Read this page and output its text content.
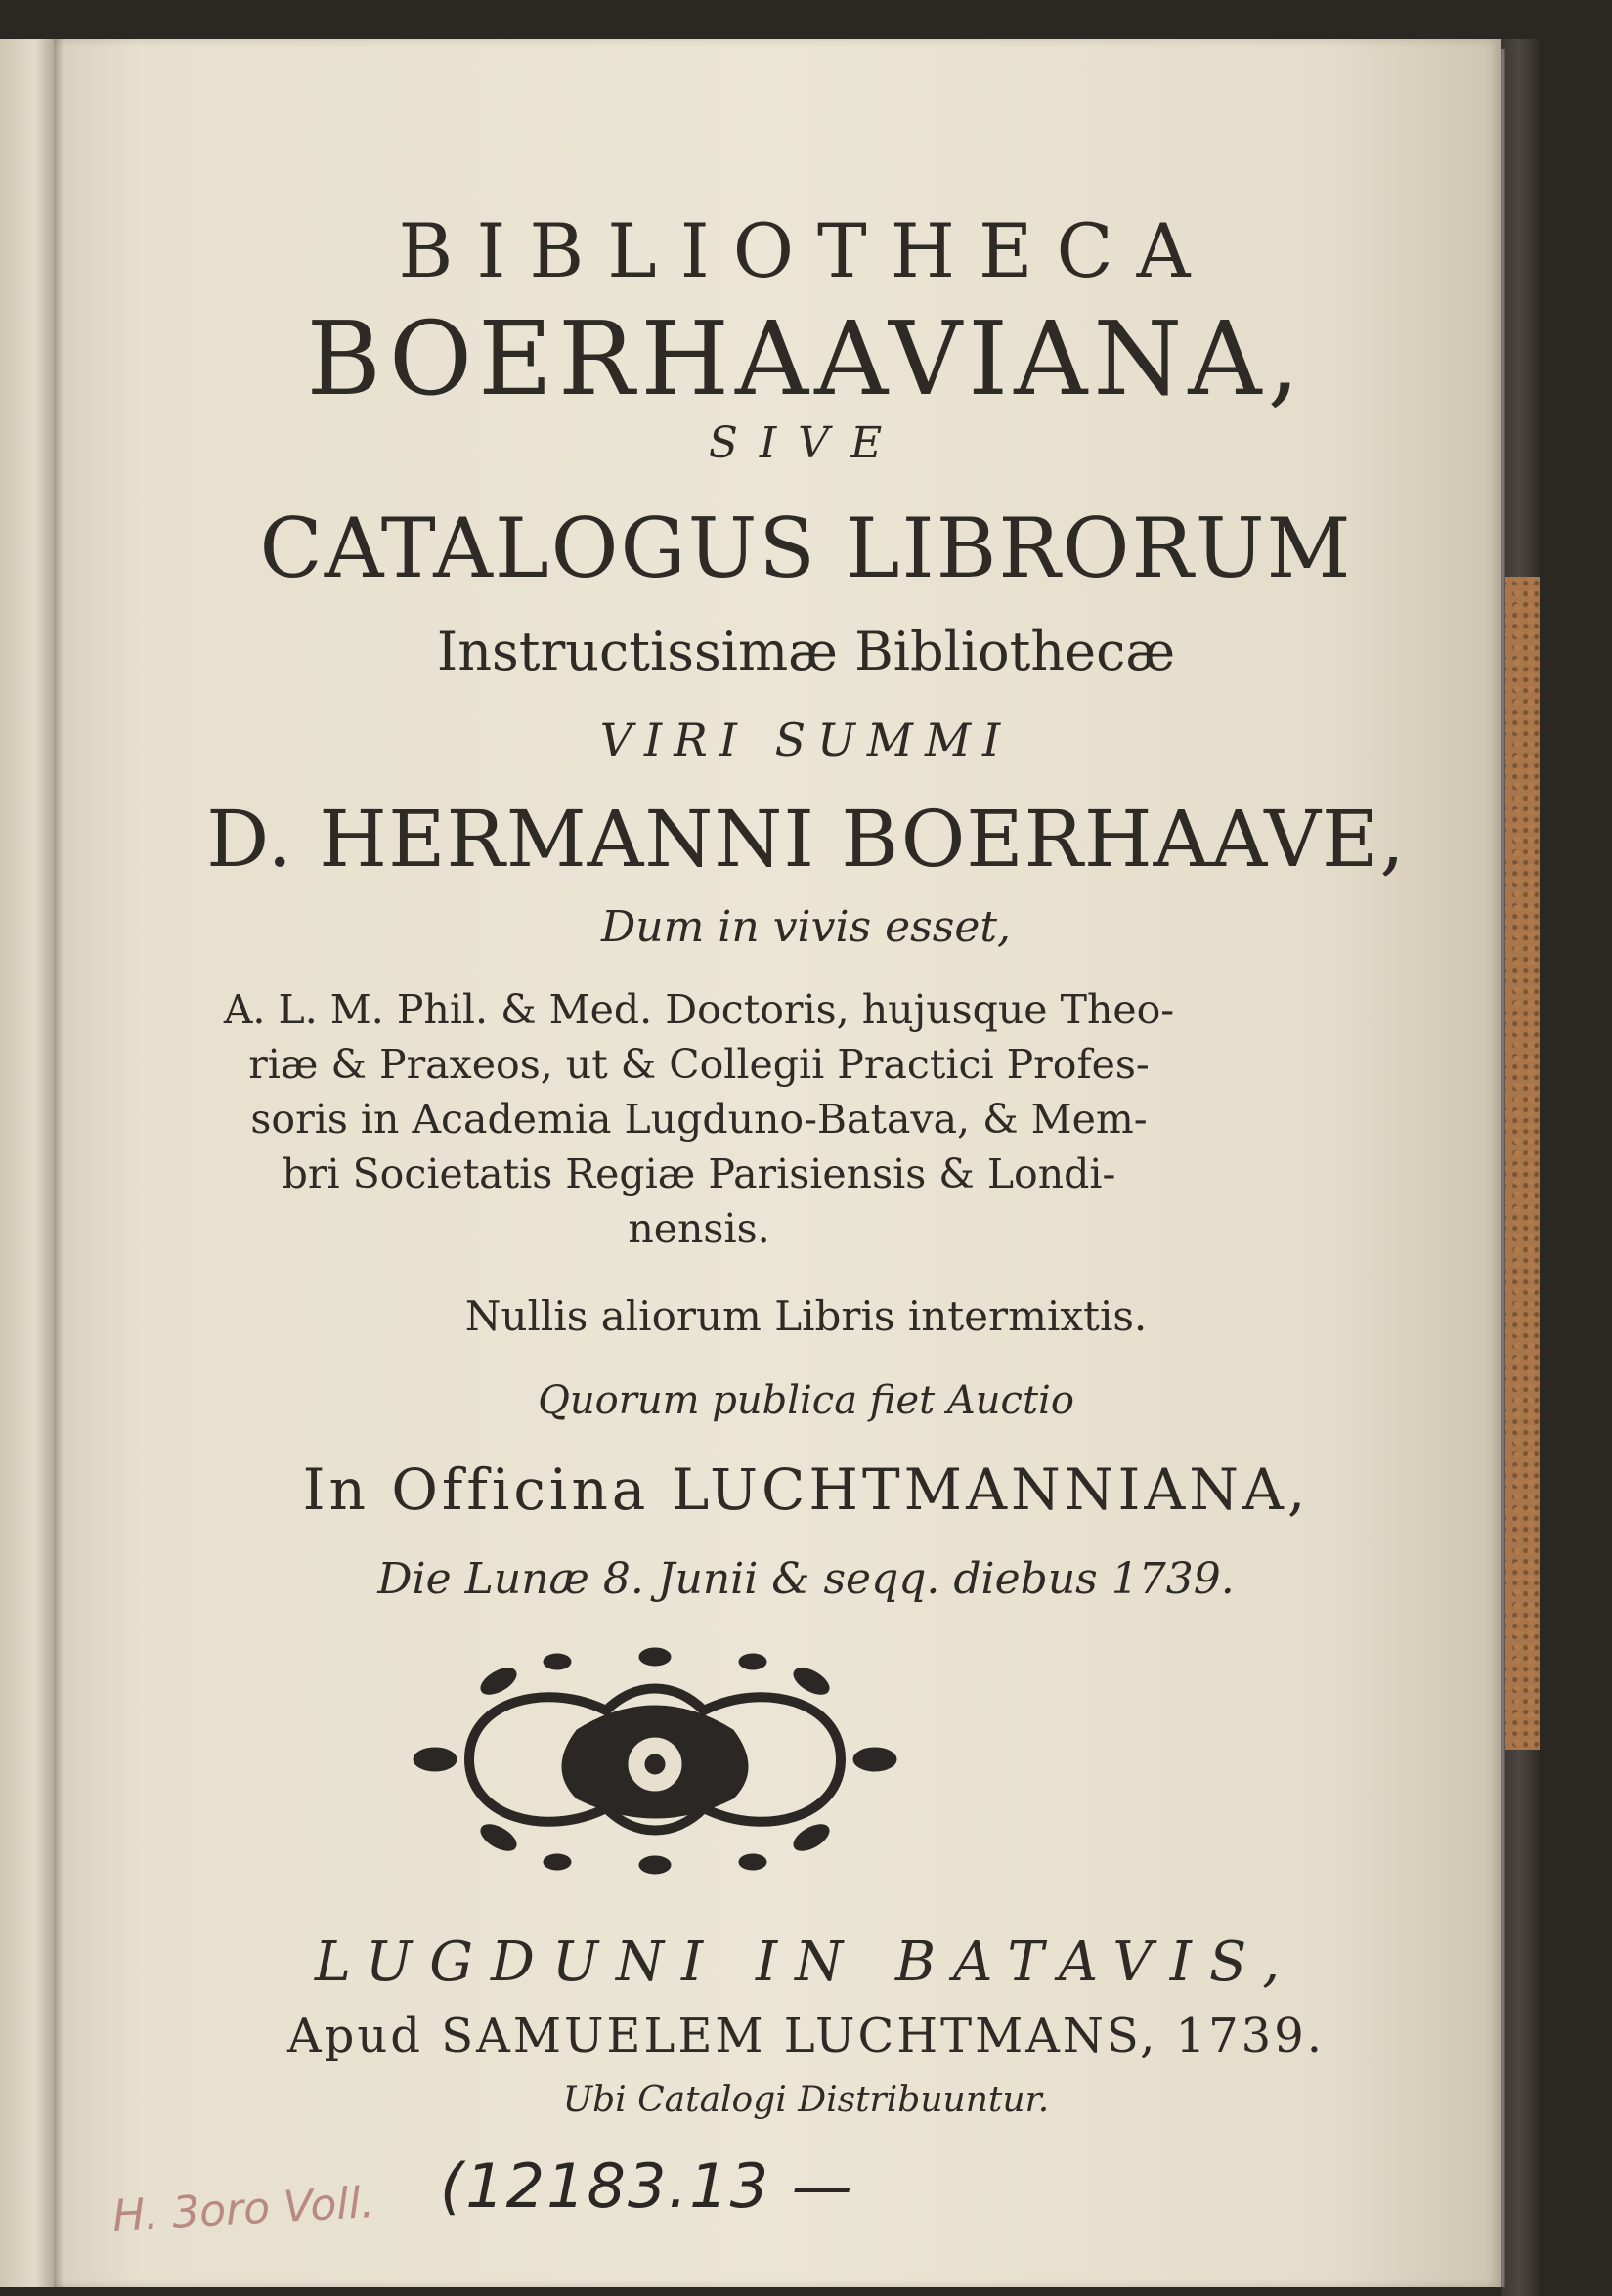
BIBLIOTHECA
BOERHAAVIANA,
SIVE
CATALOGUS LIBRORUM
Instructissimæ Bibliothecæ
VIRI SUMMI
D. HERMANNI BOERHAAVE,
Dum in vivis esset,
A. L. M. Phil. & Med. Doctoris, hujusque Theo-
riæ & Praxeos, ut & Collegii Practici Profes-
soris in Academia Lugduno-Batava, & Mem-
bri Societatis Regiæ Parisiensis & Londi-
nensis.
Nullis aliorum Libris intermixtis.
Quorum publica fiet Auctio
In Officina LUCHTMANNIANA,
Die Lunæ 8. Junii & seqq. diebus 1739.
LUGDUNI IN BATAVIS,
Apud SAMUELEM LUCHTMANS, 1739.
Ubi Catalogi Distribuuntur.
H. 3oro Voll. (12183.13 —
